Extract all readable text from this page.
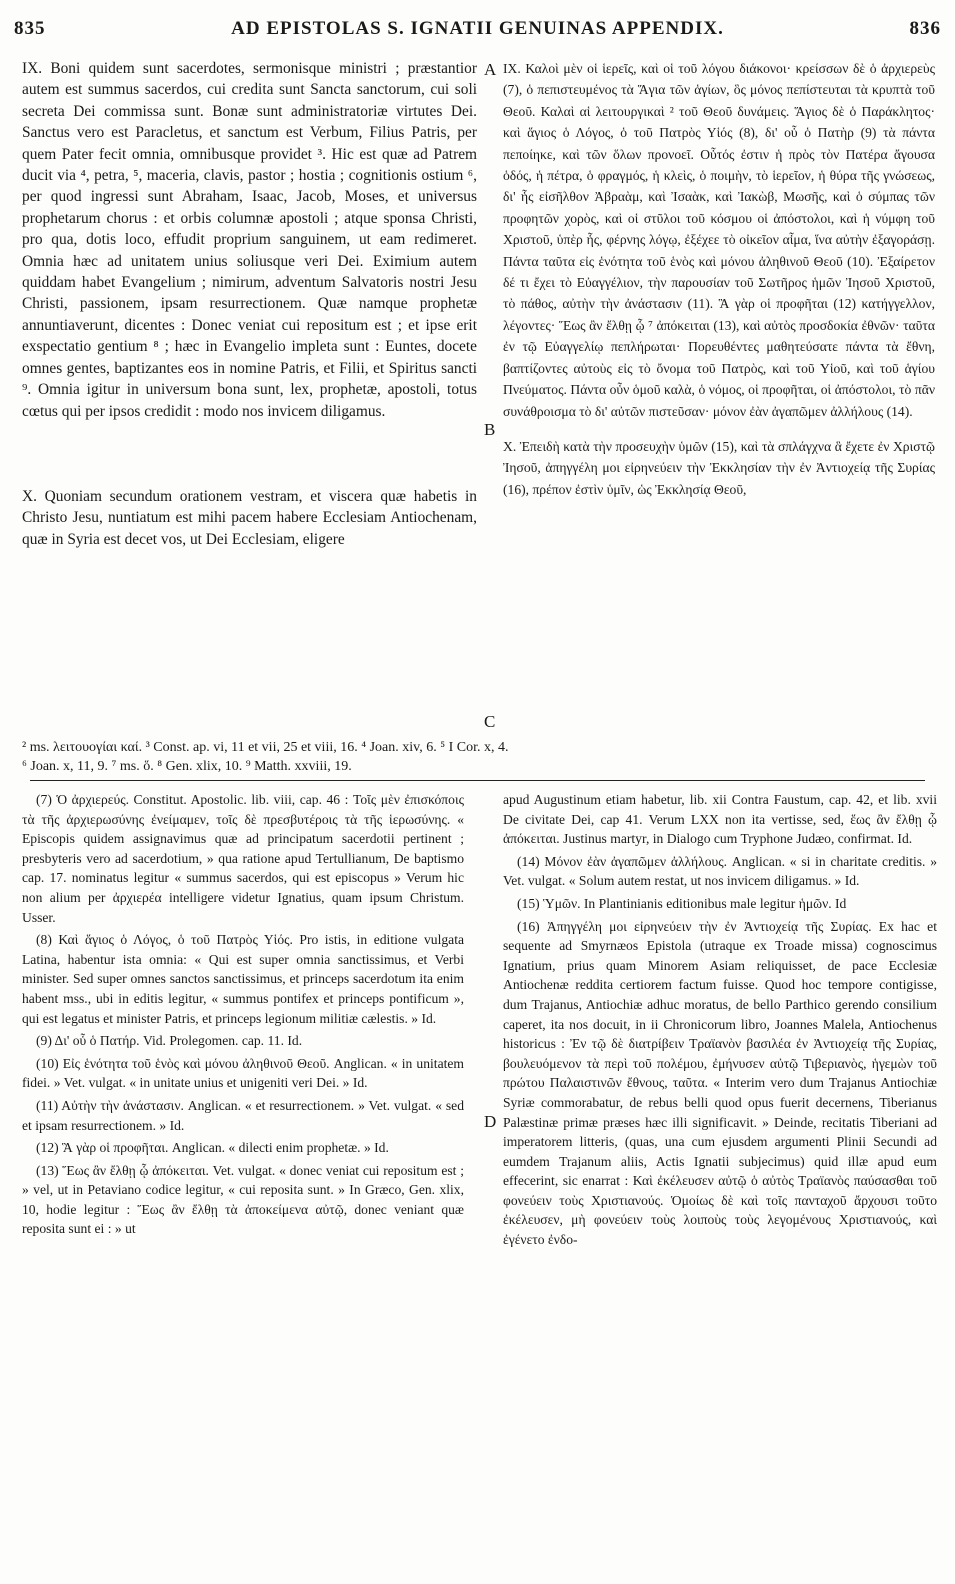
835	AD EPISTOLAS S. IGNATII GENUINAS APPENDIX.	836
A
B
C
D

IX. Boni quidem sunt sacerdotes, sermonisque ministri ; præstantior autem est summus sacerdos, cui credita sunt Sancta sanctorum, cui soli secreta Dei commissa sunt. Bonæ sunt administratoriæ virtutes Dei. Sanctus vero est Paracletus, et sanctum est Verbum, Filius Patris, per quem Pater fecit omnia, omnibusque providet ³. Hic est quæ ad Patrem ducit via ⁴, petra, ⁵, maceria, clavis, pastor ; hostia ; cognitionis ostium ⁶, per quod ingressi sunt Abraham, Isaac, Jacob, Moses, et universus prophetarum chorus : et orbis columnæ apostoli ; atque sponsa Christi, pro qua, dotis loco, effudit proprium sanguinem, ut eam redimeret. Omnia hæc ad unitatem unius soliusque veri Dei. Eximium autem quiddam habet Evangelium ; nimirum, adventum Salvatoris nostri Jesu Christi, passionem, ipsam resurrectionem. Quæ namque prophetæ annuntiaverunt, dicentes : Donec veniat cui repositum est ; et ipse erit exspectatio gentium ⁸ ; hæc in Evangelio impleta sunt : Euntes, docete omnes gentes, baptizantes eos in nomine Patris, et Filii, et Spiritus sancti ⁹. Omnia igitur in universum bona sunt, lex, prophetæ, apostoli, totus cœtus qui per ipsos credidit : modo nos invicem diligamus.

X. Quoniam secundum orationem vestram, et viscera quæ habetis in Christo Jesu, nuntiatum est mihi pacem habere Ecclesiam Antiochenam, quæ in Syria est decet vos, ut Dei Ecclesiam, eligere

IX. Καλοὶ μὲν οἱ ἱερεῖς, καὶ οἱ τοῦ λόγου διάκονοι· κρείσσων δὲ ὁ ἀρχιερεὺς (7), ὁ πεπιστευμένος τὰ Ἅγια τῶν ἁγίων, ὃς μόνος πεπίστευται τὰ κρυπτὰ τοῦ Θεοῦ. Καλαὶ αἱ λειτουργικαὶ ² τοῦ Θεοῦ δυνάμεις. Ἅγιος δὲ ὁ Παράκλητος· καὶ ἅγιος ὁ Λόγος, ὁ τοῦ Πατρὸς Υἱός (8), δι' οὗ ὁ Πατὴρ (9) τὰ πάντα πεποίηκε, καὶ τῶν ὅλων προνοεῖ. Οὗτός ἐστιν ἡ πρὸς τὸν Πατέρα ἄγουσα ὁδός, ἡ πέτρα, ὁ φραγμός, ἡ κλεὶς, ὁ ποιμὴν, τὸ ἱερεῖον, ἡ θύρα τῆς γνώσεως, δι' ἧς εἰσῆλθον Ἀβραὰμ, καὶ Ἰσαὰκ, καὶ Ἰακὼβ, Μωσῆς, καὶ ὁ σύμπας τῶν προφητῶν χορὸς, καὶ οἱ στῦλοι τοῦ κόσμου οἱ ἀπόστολοι, καὶ ἡ νύμφη τοῦ Χριστοῦ, ὑπὲρ ἧς, φέρνης λόγῳ, ἐξέχεε τὸ οἰκεῖον αἷμα, ἵνα αὐτὴν ἐξαγοράσῃ. Πάντα ταῦτα εἰς ἑνότητα τοῦ ἑνὸς καὶ μόνου ἀληθινοῦ Θεοῦ (10). Ἐξαίρετον δέ τι ἔχει τὸ Εὐαγγέλιον, τὴν παρουσίαν τοῦ Σωτῆρος ἡμῶν Ἰησοῦ Χριστοῦ, τὸ πάθος, αὐτὴν τὴν ἀνάστασιν (11). Ἃ γὰρ οἱ προφῆται (12) κατήγγελλον, λέγοντες· Ἕως ἂν ἔλθῃ ᾧ ⁷ ἀπόκειται (13), καὶ αὐτὸς προσδοκία ἐθνῶν· ταῦτα ἐν τῷ Εὐαγγελίῳ πεπλήρωται· Πορευθέντες μαθητεύσατε πάντα τὰ ἔθνη, βαπτίζοντες αὐτοὺς εἰς τὸ ὄνομα τοῦ Πατρὸς, καὶ τοῦ Υἱοῦ, καὶ τοῦ ἁγίου Πνεύματος. Πάντα οὖν ὁμοῦ καλὰ, ὁ νόμος, οἱ προφῆται, οἱ ἀπόστολοι, τὸ πᾶν συνάθροισμα τὸ δι' αὐτῶν πιστεῦσαν· μόνον ἐὰν ἀγαπῶμεν ἀλλήλους (14).

X. Ἐπειδὴ κατὰ τὴν προσευχὴν ὑμῶν (15), καὶ τὰ σπλάγχνα ἃ ἔχετε ἐν Χριστῷ Ἰησοῦ, ἀπηγγέλη μοι εἰρηνεύειν τὴν Ἐκκλησίαν τὴν ἐν Ἀντιοχείᾳ τῆς Συρίας (16), πρέπον ἐστὶν ὑμῖν, ὡς Ἐκκλησίᾳ Θεοῦ,

² ms. λειτουογίαι καί. ³ Const. ap. vi, 11 et vii, 25 et viii, 16. ⁴ Joan. xiv, 6. ⁵ I Cor. x, 4.
⁶ Joan. x, 11, 9. ⁷ ms. ὅ. ⁸ Gen. xlix, 10. ⁹ Matth. xxviii, 19.

(7) Ὁ ἀρχιερεύς. Constitut. Apostolic. lib. viii, cap. 46 : Τοῖς μὲν ἐπισκόποις τὰ τῆς ἀρχιερωσύνης ἐνείμαμεν, τοῖς δὲ πρεσβυτέροις τὰ τῆς ἱερωσύνης. « Episcopis quidem assignavimus quæ ad principatum sacerdotii pertinent ; presbyteris vero ad sacerdotium, » qua ratione apud Tertullianum, De baptismo cap. 17. nominatus legitur « summus sacerdos, qui est episcopus » Verum hic non alium per ἀρχιερέα intelligere videtur Ignatius, quam ipsum Christum. Usser.

(8) Καὶ ἅγιος ὁ Λόγος, ὁ τοῦ Πατρὸς Υἱός. Pro istis, in editione vulgata Latina, habentur ista omnia: « Qui est super omnia sanctissimus, et Verbi minister. Sed super omnes sanctos sanctissimus, et princeps sacerdotum ita enim habent mss., ubi in editis legitur, « summus pontifex et princeps pontificum », qui est legatus et minister Patris, et princeps legionum militiæ cælestis. » Id.

(9) Δι' οὗ ὁ Πατήρ. Vid. Prolegomen. cap. 11. Id.

(10) Εἰς ἑνότητα τοῦ ἑνὸς καὶ μόνου ἀληθινοῦ Θεοῦ. Anglican. « in unitatem fidei. » Vet. vulgat. « in unitate unius et unigeniti veri Dei. » Id.

(11) Αὐτὴν τὴν ἀνάστασιν. Anglican. « et resurrectionem. » Vet. vulgat. « sed et ipsam resurrectionem. » Id.

(12) Ἃ γὰρ οἱ προφῆται. Anglican. « dilecti enim prophetæ. » Id.

(13) Ἕως ἂν ἔλθῃ ᾧ ἀπόκειται. Vet. vulgat. « donec veniat cui repositum est ; » vel, ut in Petaviano codice legitur, « cui reposita sunt. » In Græco, Gen. xlix, 10, hodie legitur : Ἕως ἂν ἔλθῃ τὰ ἀποκείμενα αὐτῷ, donec veniant quæ reposita sunt ei : » ut

apud Augustinum etiam habetur, lib. xii Contra Faustum, cap. 42, et lib. xvii De civitate Dei, cap 41. Verum LXX non ita vertisse, sed, ἕως ἂν ἔλθῃ ᾧ ἀπόκειται. Justinus martyr, in Dialogo cum Tryphone Judæo, confirmat. Id.

(14) Μόνον ἐὰν ἀγαπῶμεν ἀλλήλους. Anglican. « si in charitate creditis. » Vet. vulgat. « Solum autem restat, ut nos invicem diligamus. » Id.

(15) Ὑμῶν. In Plantinianis editionibus male legitur ἡμῶν. Id

(16) Ἀπηγγέλη μοι εἰρηνεύειν τὴν ἐν Ἀντιοχείᾳ τῆς Συρίας. Ex hac et sequente ad Smyrnæos Epistola (utraque ex Troade missa) cognoscimus Ignatium, prius quam Minorem Asiam reliquisset, de pace Ecclesiæ Antiochenæ reddita certiorem factum fuisse. Quod hoc tempore contigisse, dum Trajanus, Antiochiæ adhuc moratus, de bello Parthico gerendo consilium caperet, ita nos docuit, in ii Chronicorum libro, Joannes Malela, Antiochenus historicus : Ἐν τῷ δὲ διατρίβειν Τραϊανὸν βασιλέα ἐν Ἀντιοχείᾳ τῆς Συρίας, βουλευόμενον τὰ περὶ τοῦ πολέμου, ἐμήνυσεν αὐτῷ Τιβεριανὸς, ἡγεμὼν τοῦ πρώτου Παλαιστινῶν ἔθνους, ταῦτα. « Interim vero dum Trajanus Antiochiæ Syriæ commorabatur, de rebus belli quod opus fuerit decernens, Tiberianus Palæstinæ primæ præses hæc illi significavit. » Deinde, recitatis Tiberiani ad imperatorem litteris, (quas, una cum ejusdem argumenti Plinii Secundi ad eumdem Trajanum aliis, Actis Ignatii subjecimus) quid illæ apud eum effecerint, sic enarrat : Καὶ ἐκέλευσεν αὐτῷ ὁ αὐτὸς Τραϊανὸς παύσασθαι τοῦ φονεύειν τοὺς Χριστιανούς. Ὁμοίως δὲ καὶ τοῖς πανταχοῦ ἄρχουσι τοῦτο ἐκέλευσεν, μὴ φονεύειν τοὺς λοιποὺς τοὺς λεγομένους Χριστιανούς, καὶ ἐγένετο ἐνδο-
